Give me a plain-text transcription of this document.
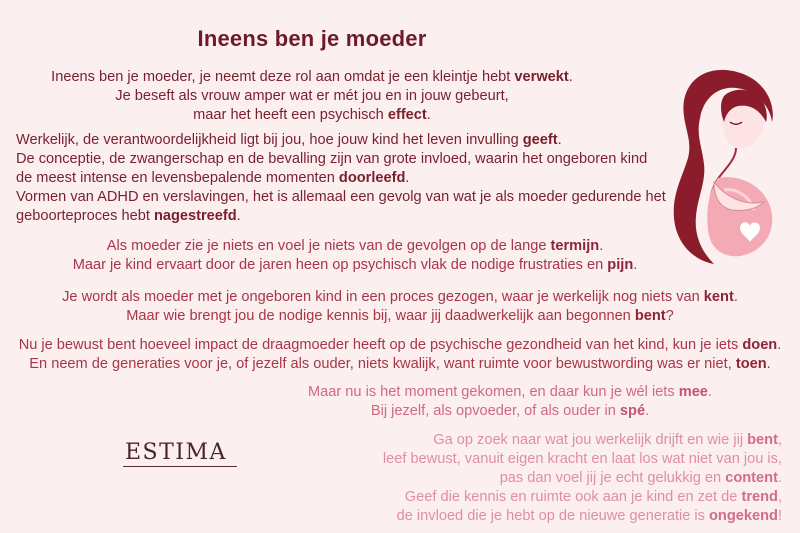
Ineens ben je moeder
Ineens ben je moeder, je neemt deze rol aan omdat je een kleintje hebt verwekt.
Je beseft als vrouw amper wat er mét jou en in jouw gebeurt,
maar het heeft een psychisch effect.
Werkelijk, de verantwoordelijkheid ligt bij jou, hoe jouw kind het leven invulling geeft.
De conceptie, de zwangerschap en de bevalling zijn van grote invloed, waarin het ongeboren kind
de meest intense en levensbepalende momenten doorleefd.
Vormen van ADHD en verslavingen, het is allemaal een gevolg van wat je als moeder gedurende het
geboorteproces hebt nagestreefd.
Als moeder zie je niets en voel je niets van de gevolgen op de lange termijn.
Maar je kind ervaart door de jaren heen op psychisch vlak de nodige frustraties en pijn.
Je wordt als moeder met je ongeboren kind in een proces gezogen, waar je werkelijk nog niets van kent.
Maar wie brengt jou de nodige kennis bij, waar jij daadwerkelijk aan begonnen bent?
Nu je bewust bent hoeveel impact de draagmoeder heeft op de psychische gezondheid van het kind, kun je iets doen.
En neem de generaties voor je, of jezelf als ouder, niets kwalijk, want ruimte voor bewustwording was er niet, toen.
Maar nu is het moment gekomen, en daar kun je wél iets mee.
Bij jezelf, als opvoeder, of als ouder in spé.
Ga op zoek naar wat jou werkelijk drijft en wie jij bent,
leef bewust, vanuit eigen kracht en laat los wat niet van jou is,
pas dan voel jij je echt gelukkig en content.
Geef die kennis en ruimte ook aan je kind en zet de trend,
de invloed die je hebt op de nieuwe generatie is ongekend!
ESTIMA
